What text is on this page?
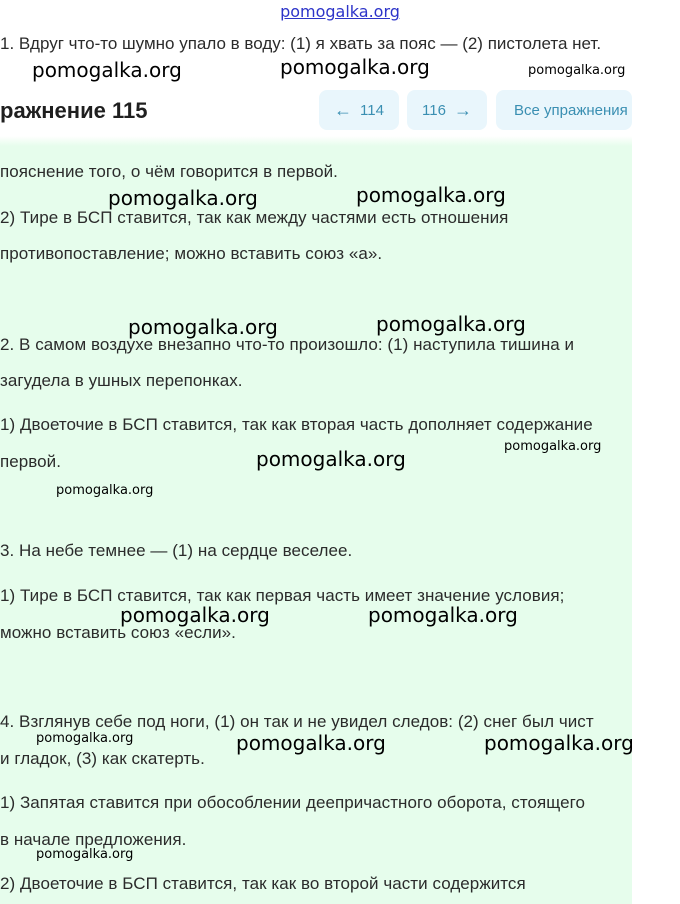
pomogalka.org
1. Вдруг что-то шумно упало в воду: (1) я хвать за пояс — (2) пистолета нет.
ражнение 115	← 114	116 →	Все упражнения
пояснение того, о чём говорится в первой.
2) Тире в БСП ставится, так как между частями есть отношения
противопоставление; можно вставить союз «а».
2. В самом воздухе внезапно что-то произошло: (1) наступила тишина и
загудела в ушных перепонках.
1) Двоеточие в БСП ставится, так как вторая часть дополняет содержание
первой.
3. На небе темнее — (1) на сердце веселее.
1) Тире в БСП ставится, так как первая часть имеет значение условия;
можно вставить союз «если».
4. Взглянув себе под ноги, (1) он так и не увидел следов: (2) снег был чист
и гладок, (3) как скатерть.
1) Запятая ставится при обособлении деепричастного оборота, стоящего
в начале предложения.
2) Двоеточие в БСП ставится, так как во второй части содержится
pomogalka.org	pomogalka.org	pomogalka.org
pomogalka.org	pomogalka.org
pomogalka.org	pomogalka.org
pomogalka.org
pomogalka.org
pomogalka.org
pomogalka.org	pomogalka.org
pomogalka.org	pomogalka.org	pomogalka.org
pomogalka.org
